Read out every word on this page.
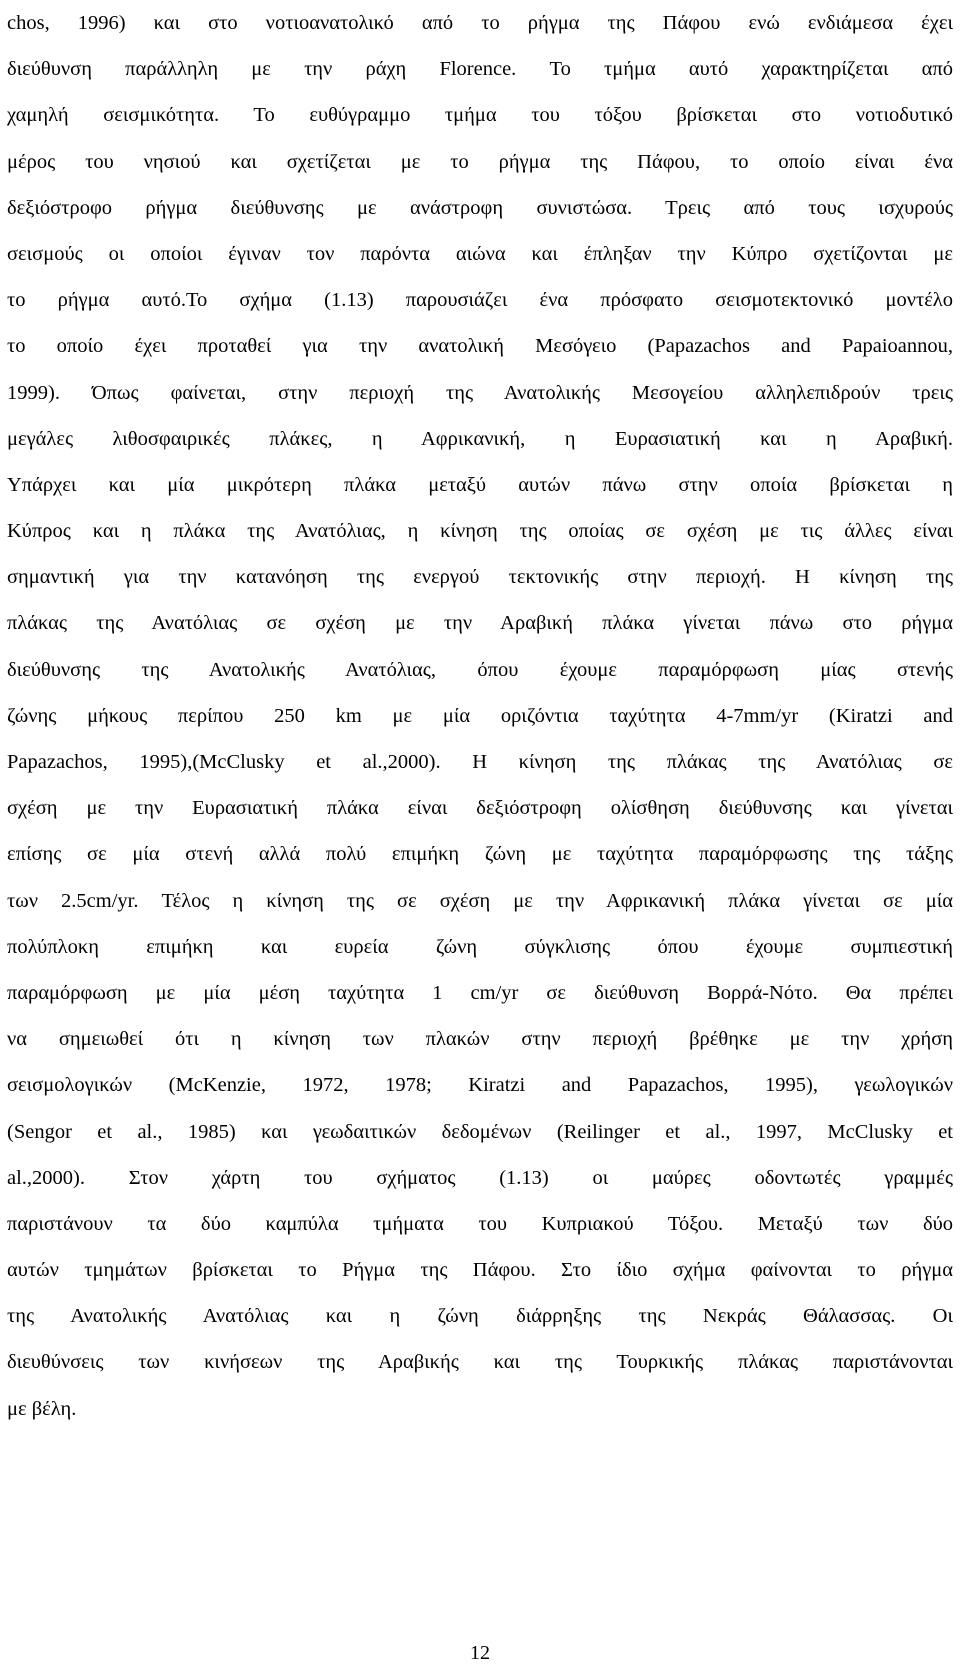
chos, 1996) και στο νοτιοανατολικό από το ρήγμα της Πάφου ενώ ενδιάμεσα έχει
διεύθυνση παράλληλη με την ράχη Florence. Το τμήμα αυτό χαρακτηρίζεται από
χαμηλή σεισμικότητα. Το ευθύγραμμο τμήμα του τόξου βρίσκεται στο νοτιοδυτικό
μέρος του νησιού και σχετίζεται με το ρήγμα της Πάφου, το οποίο είναι ένα
δεξιόστροφο ρήγμα διεύθυνσης με ανάστροφη συνιστώσα. Τρεις από τους ισχυρούς
σεισμούς οι οποίοι έγιναν τον παρόντα αιώνα και έπληξαν την Κύπρο σχετίζονται με
το ρήγμα αυτό.Το σχήμα (1.13) παρουσιάζει ένα πρόσφατο σεισμοτεκτονικό μοντέλο
το οποίο έχει προταθεί για την ανατολική Μεσόγειο (Papazachos and Papaioannou,
1999). Όπως φαίνεται, στην περιοχή της Ανατολικής Μεσογείου αλληλεπιδρούν τρεις
μεγάλες λιθοσφαιρικές πλάκες, η Αφρικανική, η Ευρασιατική και η Αραβική.
Υπάρχει και μία μικρότερη πλάκα μεταξύ αυτών πάνω στην οποία βρίσκεται η
Κύπρος και η πλάκα της Ανατόλιας, η κίνηση της οποίας σε σχέση με τις άλλες είναι
σημαντική για την κατανόηση της ενεργού τεκτονικής στην περιοχή. Η κίνηση της
πλάκας της Ανατόλιας σε σχέση με την Αραβική πλάκα γίνεται πάνω στο ρήγμα
διεύθυνσης της Ανατολικής Ανατόλιας, όπου έχουμε παραμόρφωση μίας στενής
ζώνης μήκους περίπου 250 km με μία οριζόντια ταχύτητα 4-7mm/yr (Kiratzi and
Papazachos, 1995),(McClusky et al.,2000). Η κίνηση της πλάκας της Ανατόλιας σε
σχέση με την Ευρασιατική πλάκα είναι δεξιόστροφη ολίσθηση διεύθυνσης και γίνεται
επίσης σε μία στενή αλλά πολύ επιμήκη ζώνη με ταχύτητα παραμόρφωσης της τάξης
των 2.5cm/yr. Τέλος η κίνηση της σε σχέση με την Αφρικανική πλάκα γίνεται σε μία
πολύπλοκη επιμήκη και ευρεία ζώνη σύγκλισης όπου έχουμε συμπιεστική
παραμόρφωση με μία μέση ταχύτητα 1 cm/yr σε διεύθυνση Βορρά-Νότο. Θα πρέπει
να σημειωθεί ότι η κίνηση των πλακών στην περιοχή βρέθηκε με την χρήση
σεισμολογικών (McKenzie, 1972, 1978; Kiratzi and Papazachos, 1995), γεωλογικών
(Sengor et al., 1985) και γεωδαιτικών δεδομένων (Reilinger et al., 1997, McClusky et
al.,2000). Στον χάρτη του σχήματος (1.13) οι μαύρες οδοντωτές γραμμές
παριστάνουν τα δύο καμπύλα τμήματα του Κυπριακού Τόξου. Μεταξύ των δύο
αυτών τμημάτων βρίσκεται το Ρήγμα της Πάφου. Στο ίδιο σχήμα φαίνονται το ρήγμα
της Ανατολικής Ανατόλιας και η ζώνη διάρρηξης της Νεκράς Θάλασσας. Οι
διευθύνσεις των κινήσεων της Αραβικής και της Τουρκικής πλάκας παριστάνονται
με βέλη.
12
